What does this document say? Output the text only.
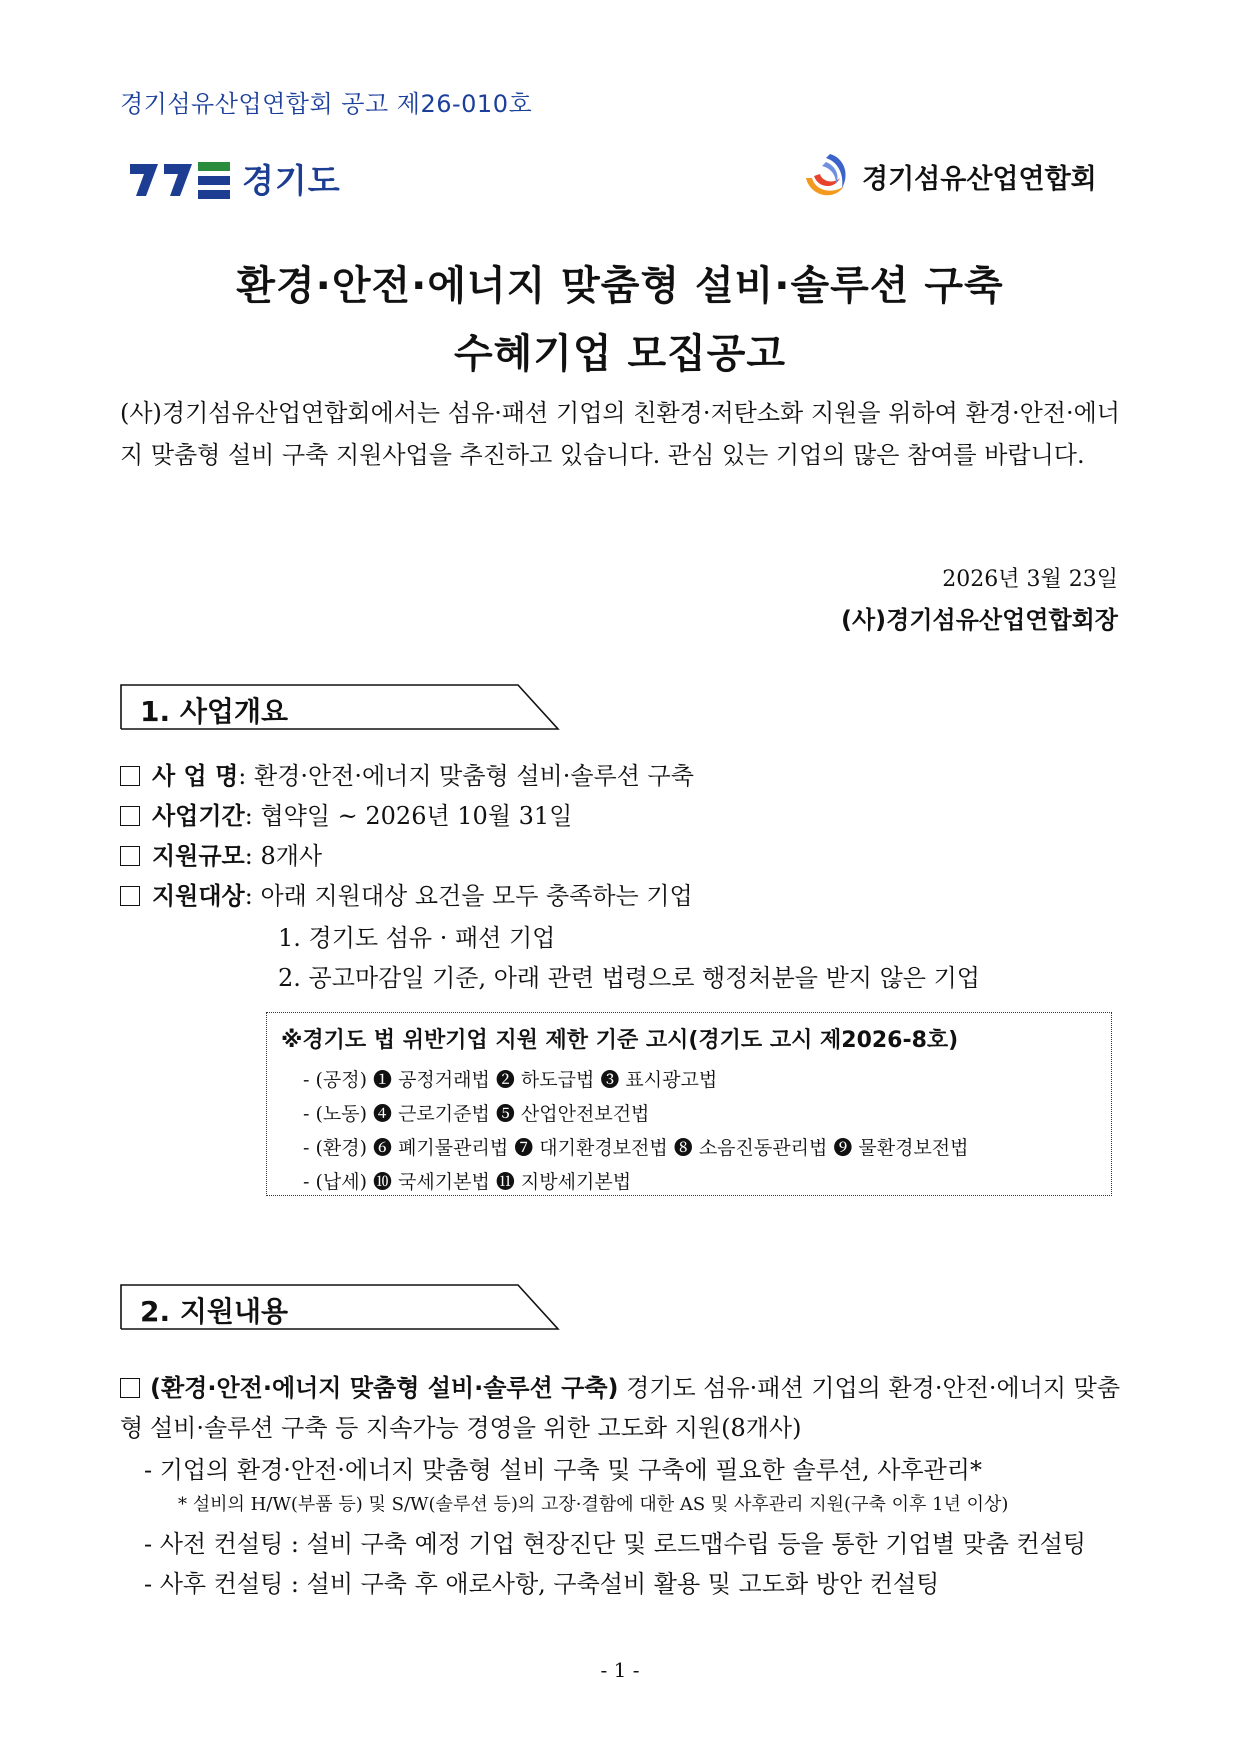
경기섬유산업연합회 공고 제26-010호
경기도	경기섬유산업연합회
환경·안전·에너지 맞춤형 설비·솔루션 구축
수혜기업 모집공고
(사)경기섬유산업연합회에서는 섬유·패션 기업의 친환경·저탄소화 지원을 위하여 환경·안전·에너지 맞춤형 설비 구축 지원사업을 추진하고 있습니다. 관심 있는 기업의 많은 참여를 바랍니다.
2026년 3월 23일
(사)경기섬유산업연합회장
1. 사업개요
사 업 명 : 환경·안전·에너지 맞춤형 설비·솔루션 구축
사업기간 : 협약일 ~ 2026년 10월 31일
지원규모 : 8개사
지원대상 : 아래 지원대상 요건을 모두 충족하는 기업
1. 경기도 섬유 · 패션 기업
2. 공고마감일 기준, 아래 관련 법령으로 행정처분을 받지 않은 기업
※경기도 법 위반기업 지원 제한 기준 고시(경기도 고시 제2026-8호)
- (공정) ❶ 공정거래법 ❷ 하도급법 ❸ 표시광고법
- (노동) ❹ 근로기준법 ❺ 산업안전보건법
- (환경) ❻ 폐기물관리법 ❼ 대기환경보전법 ❽ 소음진동관리법 ❾ 물환경보전법
- (납세) ❿ 국세기본법 ⓫ 지방세기본법
2. 지원내용
(환경·안전·에너지 맞춤형 설비·솔루션 구축) 경기도 섬유·패션 기업의 환경·안전·에너지 맞춤형 설비·솔루션 구축 등 지속가능 경영을 위한 고도화 지원(8개사)
- 기업의 환경·안전·에너지 맞춤형 설비 구축 및 구축에 필요한 솔루션, 사후관리*
* 설비의 H/W(부품 등) 및 S/W(솔루션 등)의 고장·결함에 대한 AS 및 사후관리 지원(구축 이후 1년 이상)
- 사전 컨설팅 : 설비 구축 예정 기업 현장진단 및 로드맵수립 등을 통한 기업별 맞춤 컨설팅
- 사후 컨설팅 : 설비 구축 후 애로사항, 구축설비 활용 및 고도화 방안 컨설팅
- 1 -
